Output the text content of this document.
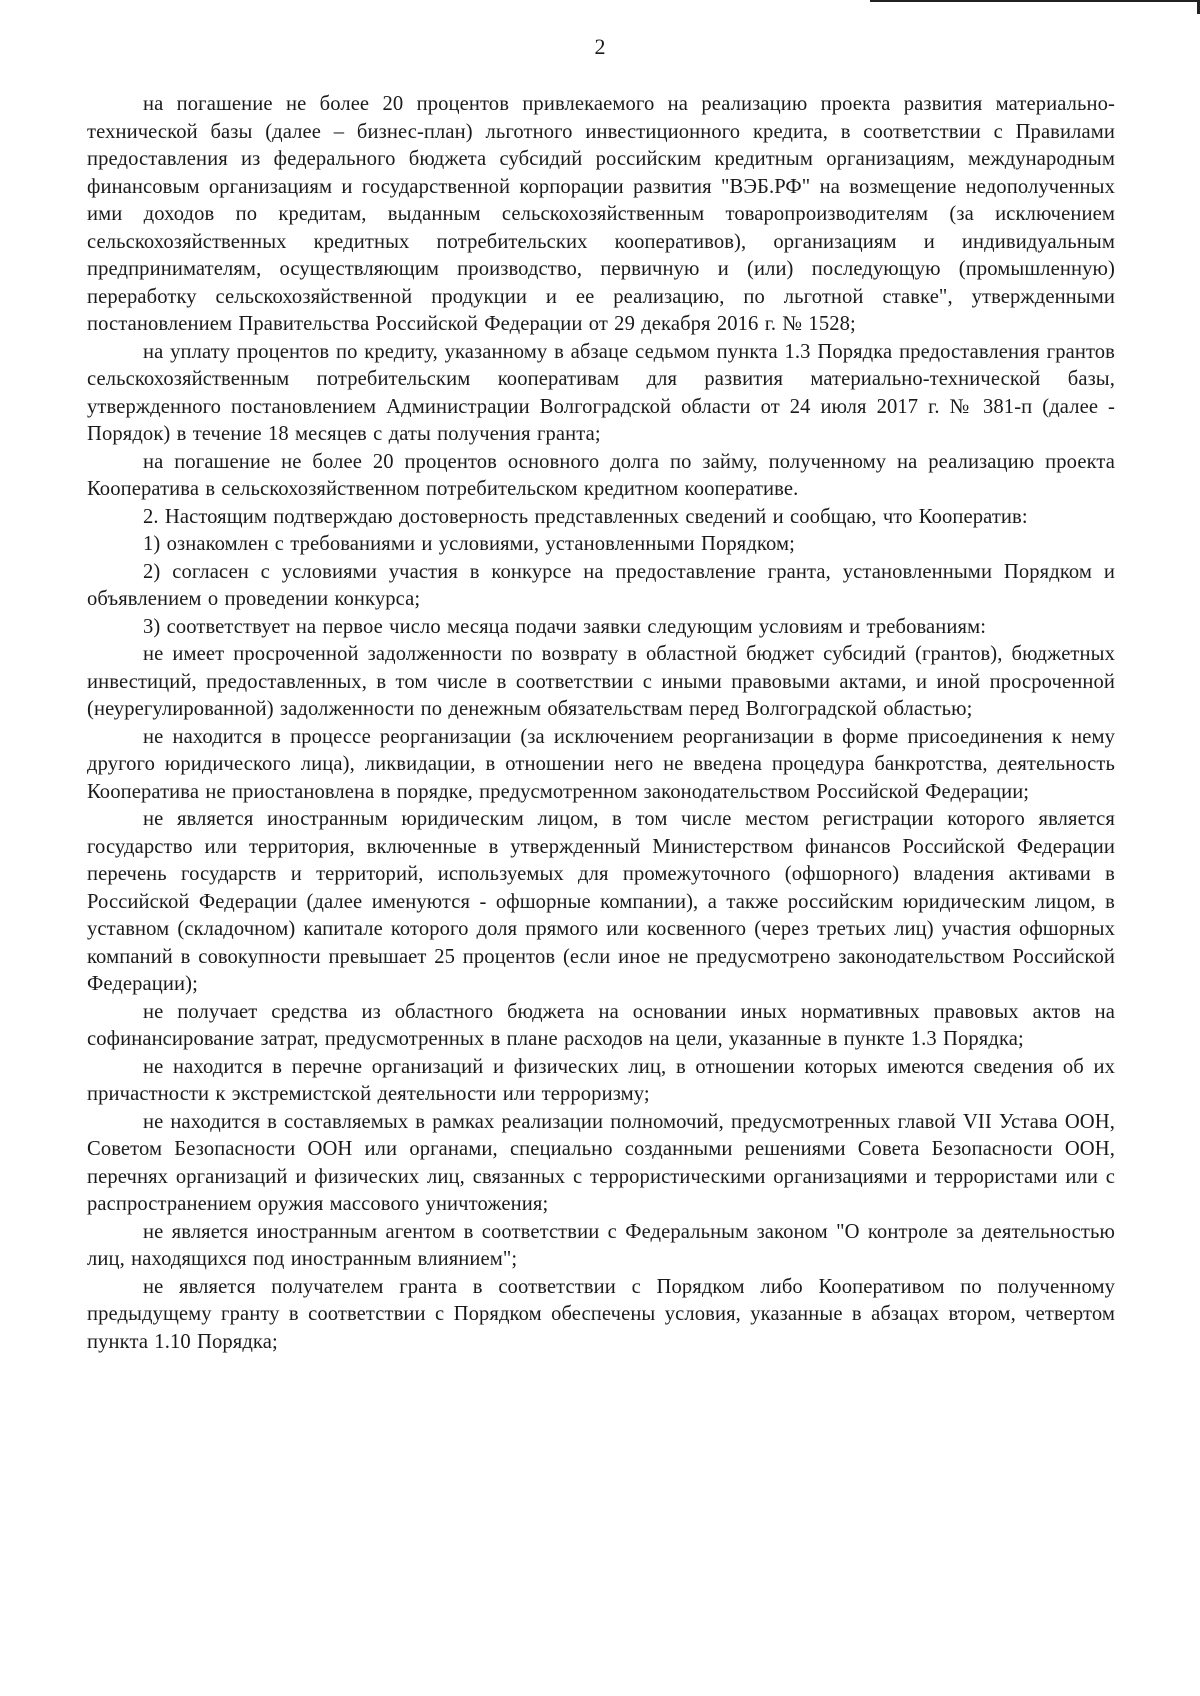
2

на погашение не более 20 процентов привлекаемого на реализацию проекта развития материально-технической базы (далее – бизнес-план) льготного инвестиционного кредита, в соответствии с Правилами предоставления из федерального бюджета субсидий российским кредитным организациям, международным финансовым организациям и государственной корпорации развития "ВЭБ.РФ" на возмещение недополученных ими доходов по кредитам, выданным сельскохозяйственным товаропроизводителям (за исключением сельскохозяйственных кредитных потребительских кооперативов), организациям и индивидуальным предпринимателям, осуществляющим производство, первичную и (или) последующую (промышленную) переработку сельскохозяйственной продукции и ее реализацию, по льготной ставке", утвержденными постановлением Правительства Российской Федерации от 29 декабря 2016 г. № 1528;

на уплату процентов по кредиту, указанному в абзаце седьмом пункта 1.3 Порядка предоставления грантов сельскохозяйственным потребительским кооперативам для развития материально-технической базы, утвержденного постановлением Администрации Волгоградской области от 24 июля 2017 г. № 381-п (далее - Порядок) в течение 18 месяцев с даты получения гранта;

на погашение не более 20 процентов основного долга по займу, полученному на реализацию проекта Кооператива в сельскохозяйственном потребительском кредитном кооперативе.

2. Настоящим подтверждаю достоверность представленных сведений и сообщаю, что Кооператив:

1) ознакомлен с требованиями и условиями, установленными Порядком;

2) согласен с условиями участия в конкурсе на предоставление гранта, установленными Порядком и объявлением о проведении конкурса;

3) соответствует на первое число месяца подачи заявки следующим условиям и требованиям:

не имеет просроченной задолженности по возврату в областной бюджет субсидий (грантов), бюджетных инвестиций, предоставленных, в том числе в соответствии с иными правовыми актами, и иной просроченной (неурегулированной) задолженности по денежным обязательствам перед Волгоградской областью;

не находится в процессе реорганизации (за исключением реорганизации в форме присоединения к нему другого юридического лица), ликвидации, в отношении него не введена процедура банкротства, деятельность Кооператива не приостановлена в порядке, предусмотренном законодательством Российской Федерации;

не является иностранным юридическим лицом, в том числе местом регистрации которого является государство или территория, включенные в утвержденный Министерством финансов Российской Федерации перечень государств и территорий, используемых для промежуточного (офшорного) владения активами в Российской Федерации (далее именуются - офшорные компании), а также российским юридическим лицом, в уставном (складочном) капитале которого доля прямого или косвенного (через третьих лиц) участия офшорных компаний в совокупности превышает 25 процентов (если иное не предусмотрено законодательством Российской Федерации);

не получает средства из областного бюджета на основании иных нормативных правовых актов на софинансирование затрат, предусмотренных в плане расходов на цели, указанные в пункте 1.3 Порядка;

не находится в перечне организаций и физических лиц, в отношении которых имеются сведения об их причастности к экстремистской деятельности или терроризму;

не находится в составляемых в рамках реализации полномочий, предусмотренных главой VII Устава ООН, Советом Безопасности ООН или органами, специально созданными решениями Совета Безопасности ООН, перечнях организаций и физических лиц, связанных с террористическими организациями и террористами или с распространением оружия массового уничтожения;

не является иностранным агентом в соответствии с Федеральным законом "О контроле за деятельностью лиц, находящихся под иностранным влиянием";

не является получателем гранта в соответствии с Порядком либо Кооперативом по полученному предыдущему гранту в соответствии с Порядком обеспечены условия, указанные в абзацах втором, четвертом пункта 1.10 Порядка;
